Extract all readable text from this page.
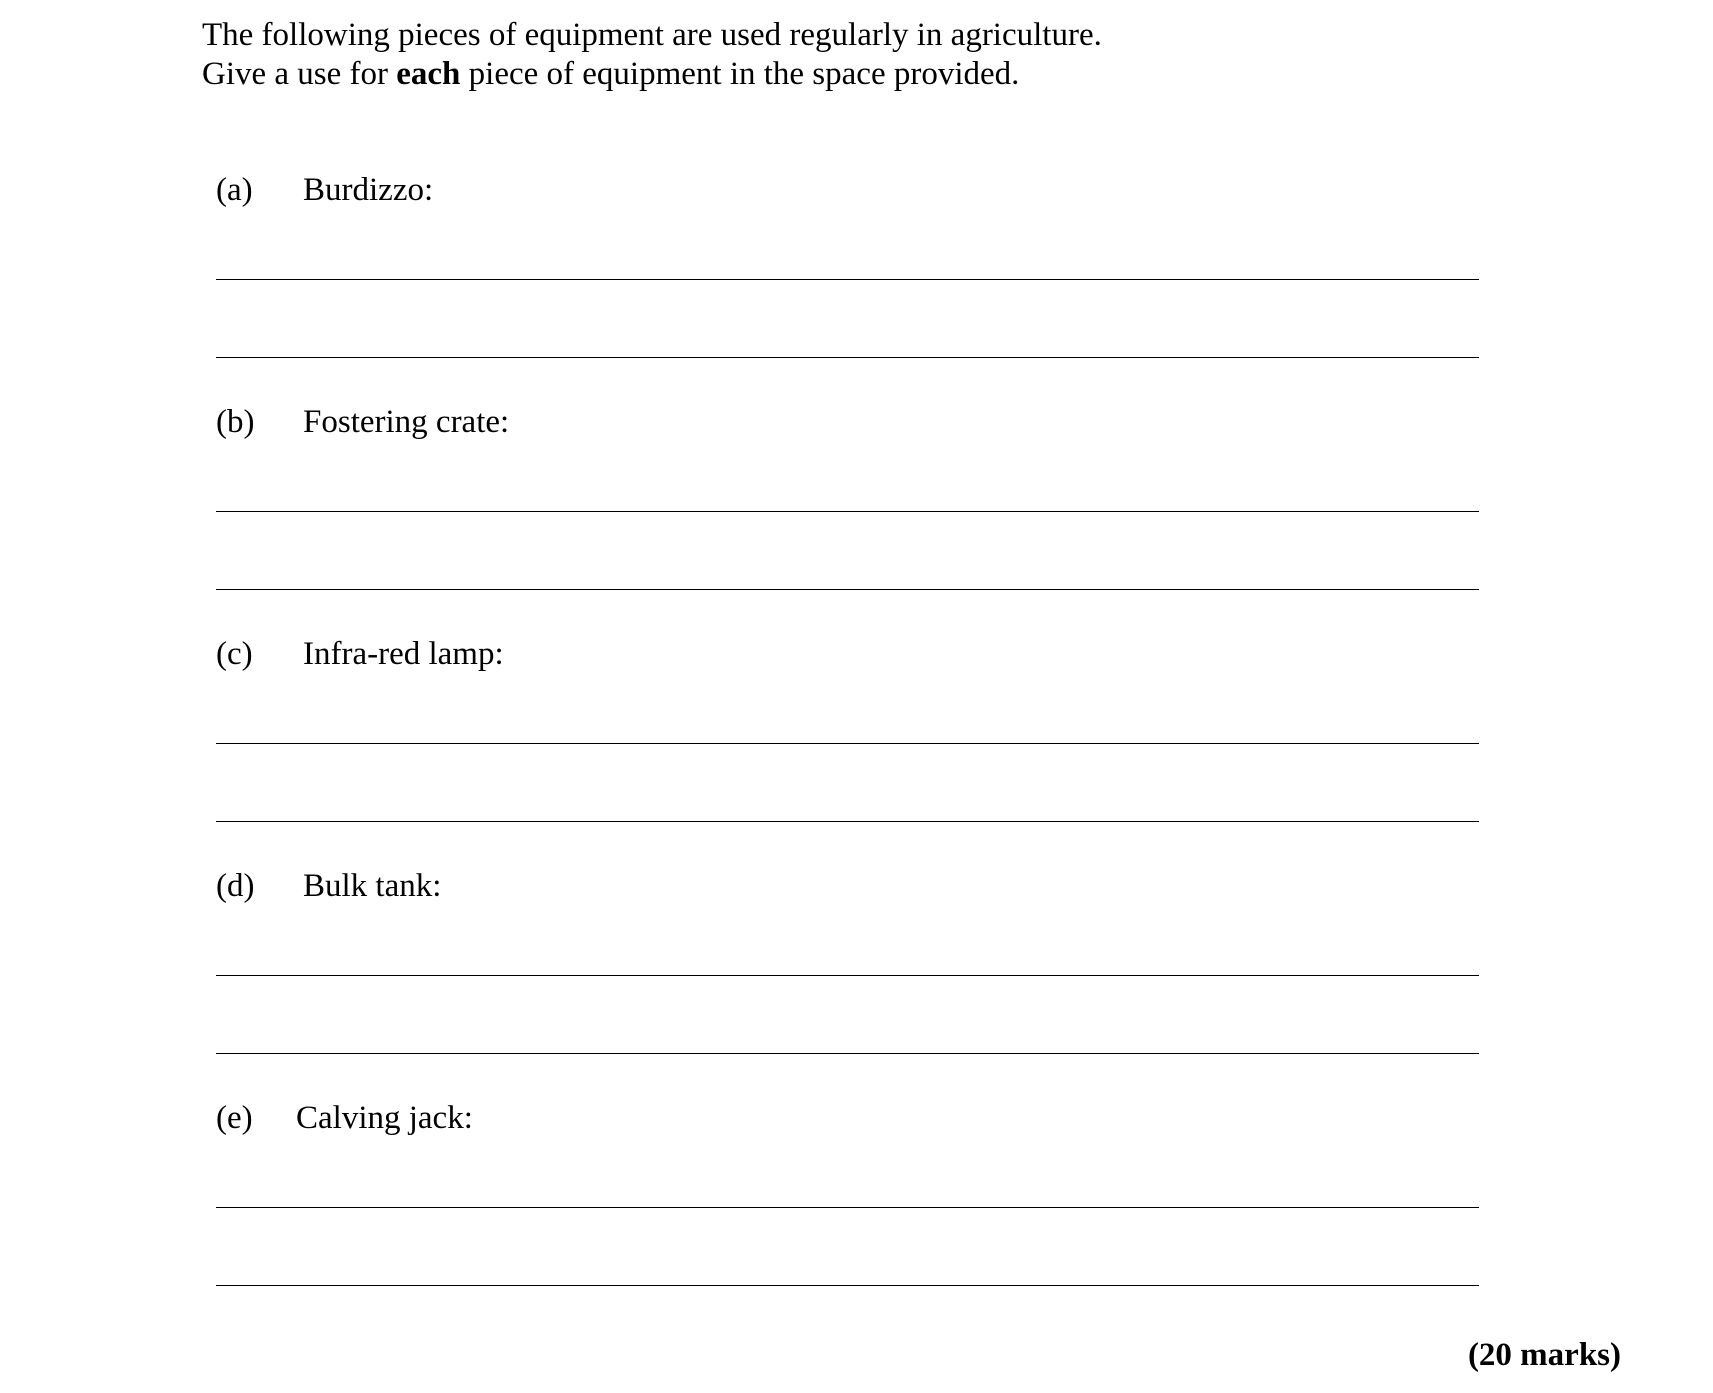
The following pieces of equipment are used regularly in agriculture.

Give a use for each piece of equipment in the space provided.

(a) Burdizzo:
(b) Fostering crate:
(c) Infra-red lamp:
(d) Bulk tank:
(e) Calving jack:
(20 marks)
